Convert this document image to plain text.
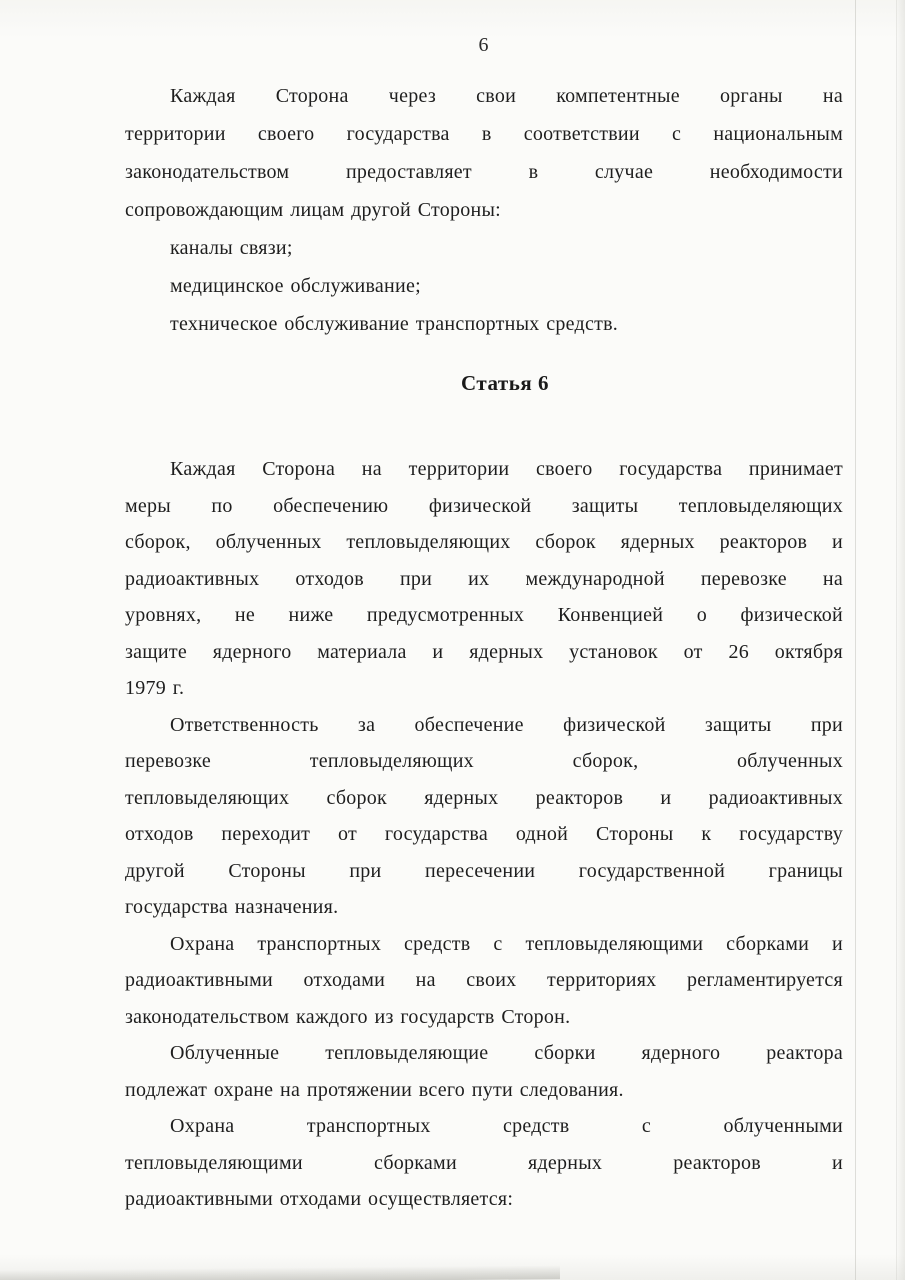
6
Каждая Сторона через свои компетентные органы на
территории своего государства в соответствии с национальным
законодательством предоставляет в случае необходимости
сопровождающим лицам другой Стороны:
каналы связи;
медицинское обслуживание;
техническое обслуживание транспортных средств.
Статья 6
Каждая Сторона на территории своего государства принимает
меры по обеспечению физической защиты тепловыделяющих
сборок, облученных тепловыделяющих сборок ядерных реакторов и
радиоактивных отходов при их международной перевозке на
уровнях, не ниже предусмотренных Конвенцией о физической
защите ядерного материала и ядерных установок от 26 октября
1979 г.
Ответственность за обеспечение физической защиты при
перевозке тепловыделяющих сборок, облученных
тепловыделяющих сборок ядерных реакторов и радиоактивных
отходов переходит от государства одной Стороны к государству
другой Стороны при пересечении государственной границы
государства назначения.
Охрана транспортных средств с тепловыделяющими сборками и
радиоактивными отходами на своих территориях регламентируется
законодательством каждого из государств Сторон.
Облученные тепловыделяющие сборки ядерного реактора
подлежат охране на протяжении всего пути следования.
Охрана транспортных средств с облученными
тепловыделяющими сборками ядерных реакторов и
радиоактивными отходами осуществляется:
